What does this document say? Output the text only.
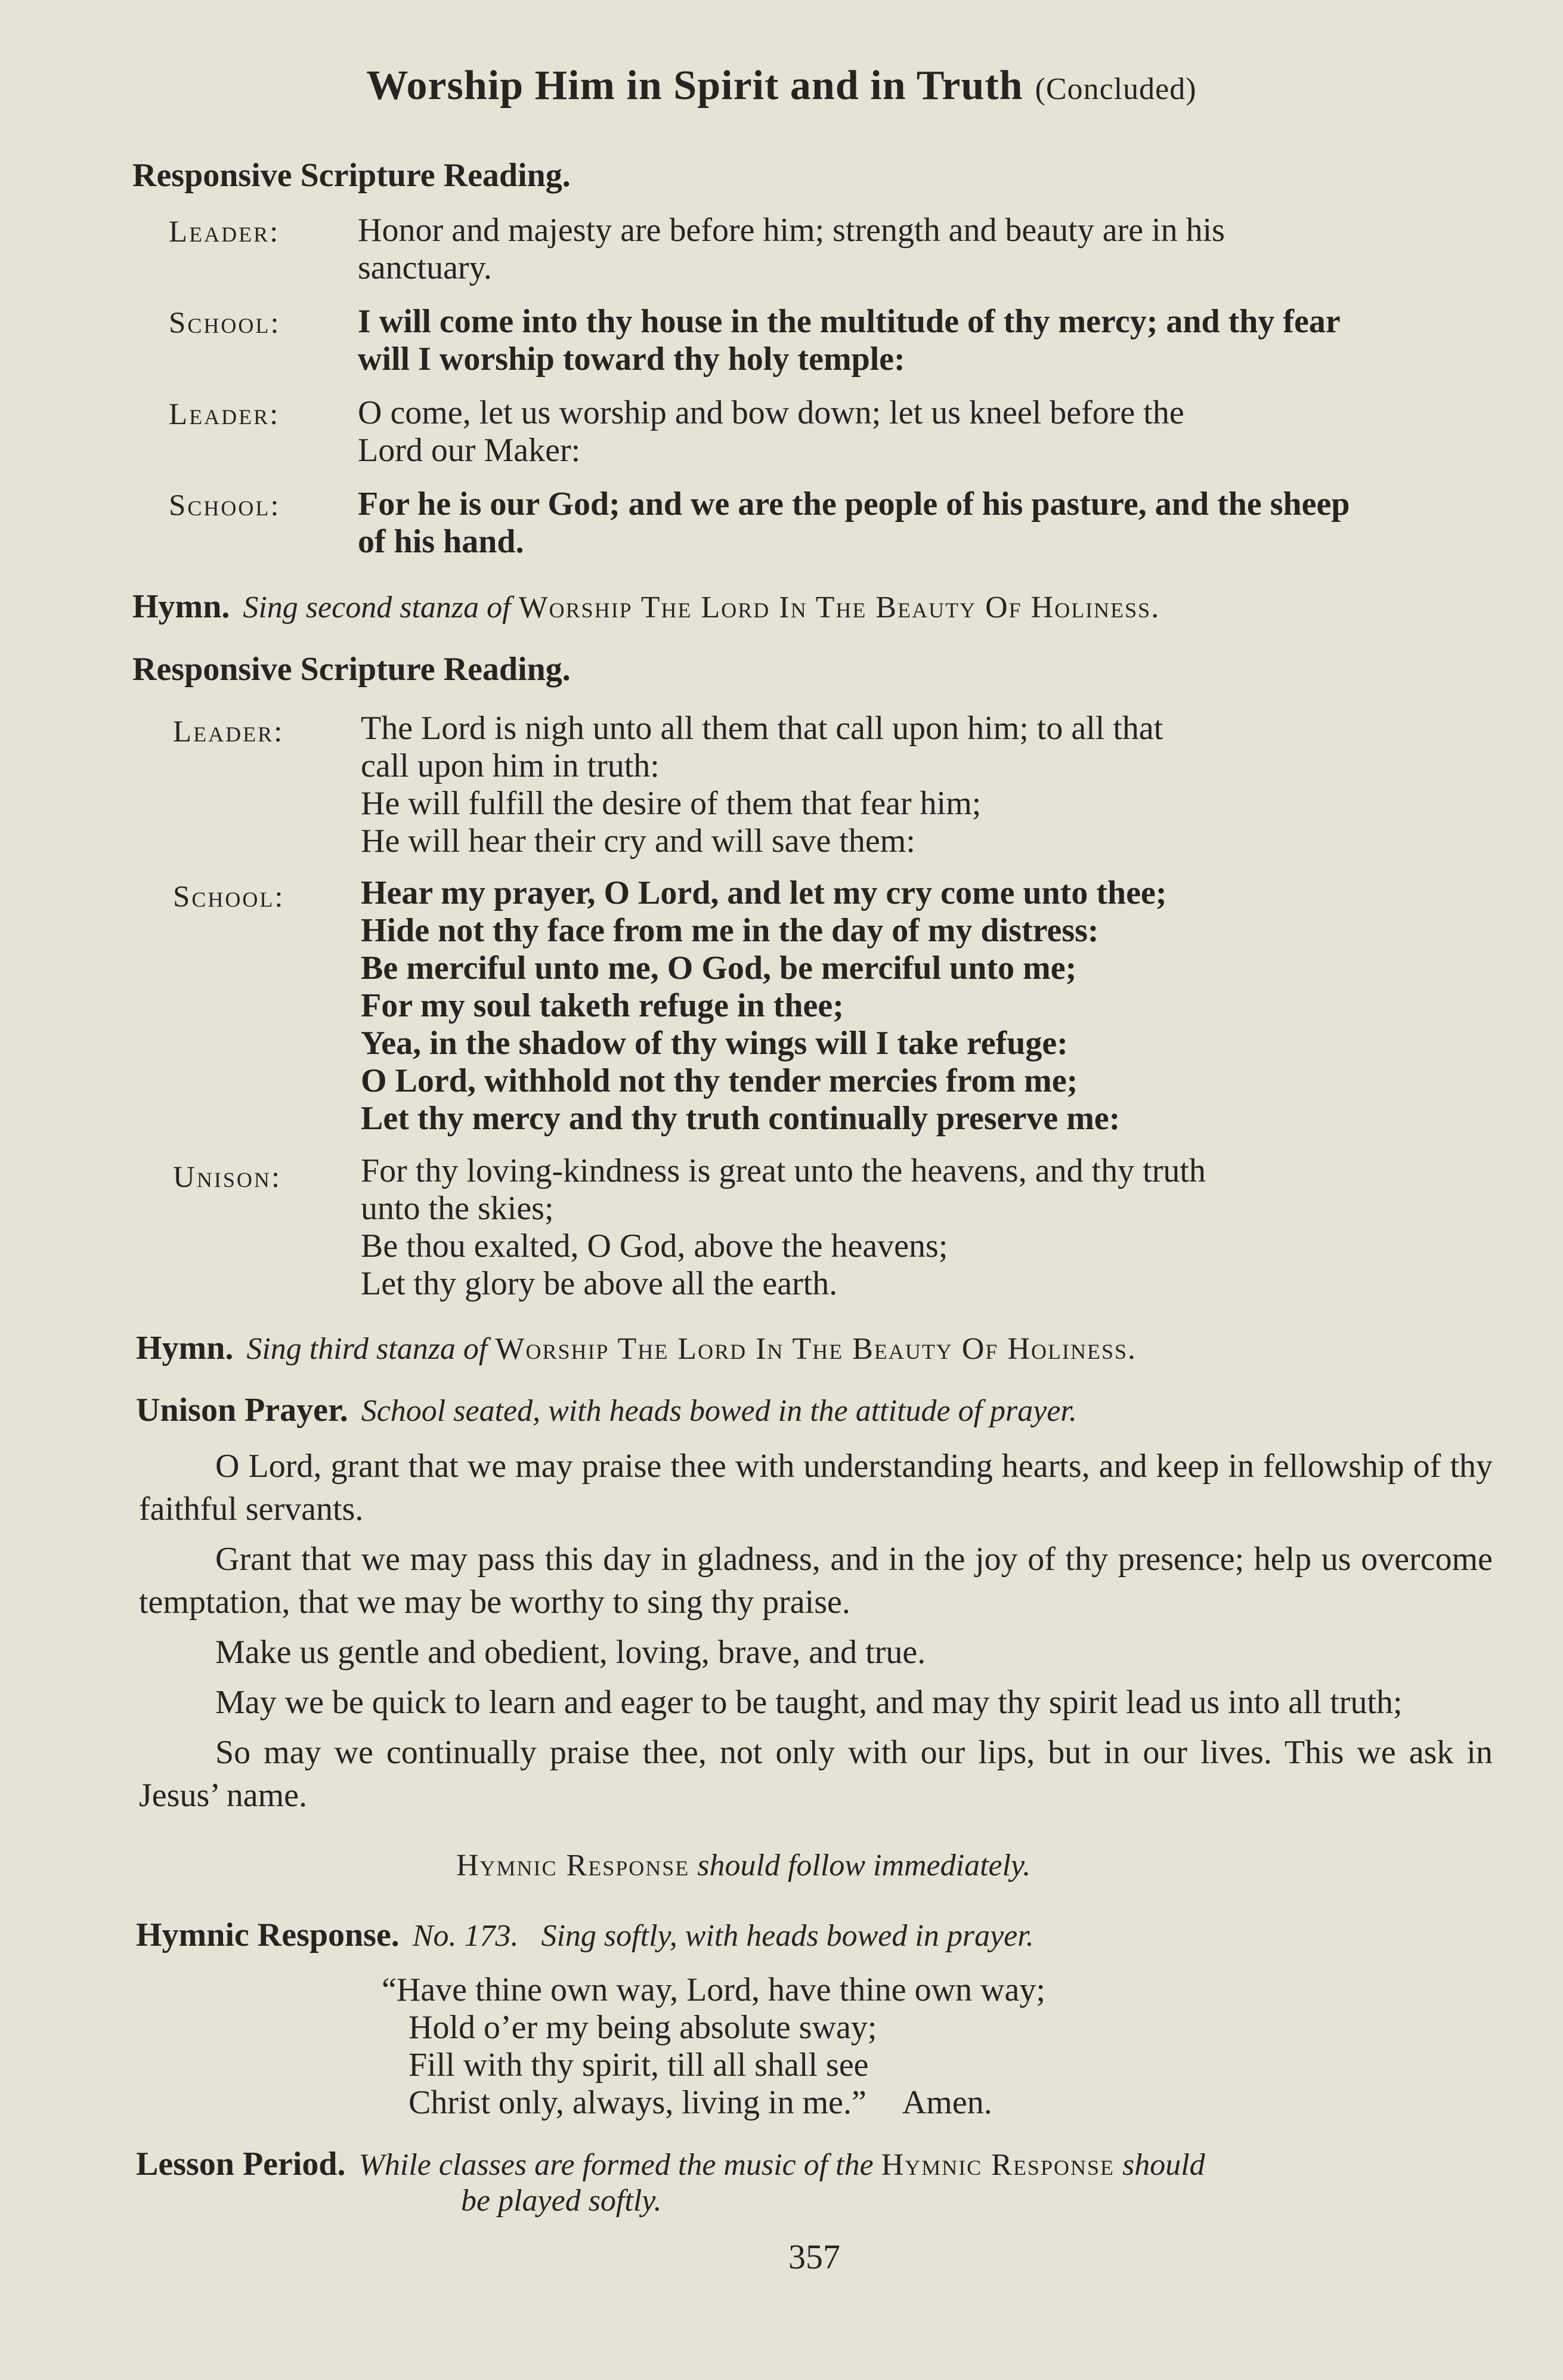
Worship Him in Spirit and in Truth (Concluded)
Responsive Scripture Reading.
Leader: Honor and majesty are before him; strength and beauty are in his
sanctuary.
School: I will come into thy house in the multitude of thy mercy; and thy fear
will I worship toward thy holy temple:
Leader: O come, let us worship and bow down; let us kneel before the
Lord our Maker:
School: For he is our God; and we are the people of his pasture, and the sheep
of his hand.
Hymn. Sing second stanza of Worship The Lord In The Beauty Of Holiness.
Responsive Scripture Reading.
Leader: The Lord is nigh unto all them that call upon him; to all that
call upon him in truth:
He will fulfill the desire of them that fear him;
He will hear their cry and will save them:
School: Hear my prayer, O Lord, and let my cry come unto thee;
Hide not thy face from me in the day of my distress:
Be merciful unto me, O God, be merciful unto me;
For my soul taketh refuge in thee;
Yea, in the shadow of thy wings will I take refuge:
O Lord, withhold not thy tender mercies from me;
Let thy mercy and thy truth continually preserve me:
Unison: For thy loving-kindness is great unto the heavens, and thy truth
unto the skies;
Be thou exalted, O God, above the heavens;
Let thy glory be above all the earth.
Hymn. Sing third stanza of Worship The Lord In The Beauty Of Holiness.
Unison Prayer. School seated, with heads bowed in the attitude of prayer.

O Lord, grant that we may praise thee with understanding hearts, and keep in fellowship of thy faithful servants.

Grant that we may pass this day in gladness, and in the joy of thy presence; help us overcome temptation, that we may be worthy to sing thy praise.

Make us gentle and obedient, loving, brave, and true.

May we be quick to learn and eager to be taught, and may thy spirit lead us into all truth;

So may we continually praise thee, not only with our lips, but in our lives. This we ask in Jesus’ name.

Hymnic Response should follow immediately.
Hymnic Response. No. 173. Sing softly, with heads bowed in prayer.
“Have thine own way, Lord, have thine own way;
Hold o’er my being absolute sway;
Fill with thy spirit, till all shall see
Christ only, always, living in me.” Amen.
Lesson Period. While classes are formed the music of the Hymnic Response should
be played softly.
357
